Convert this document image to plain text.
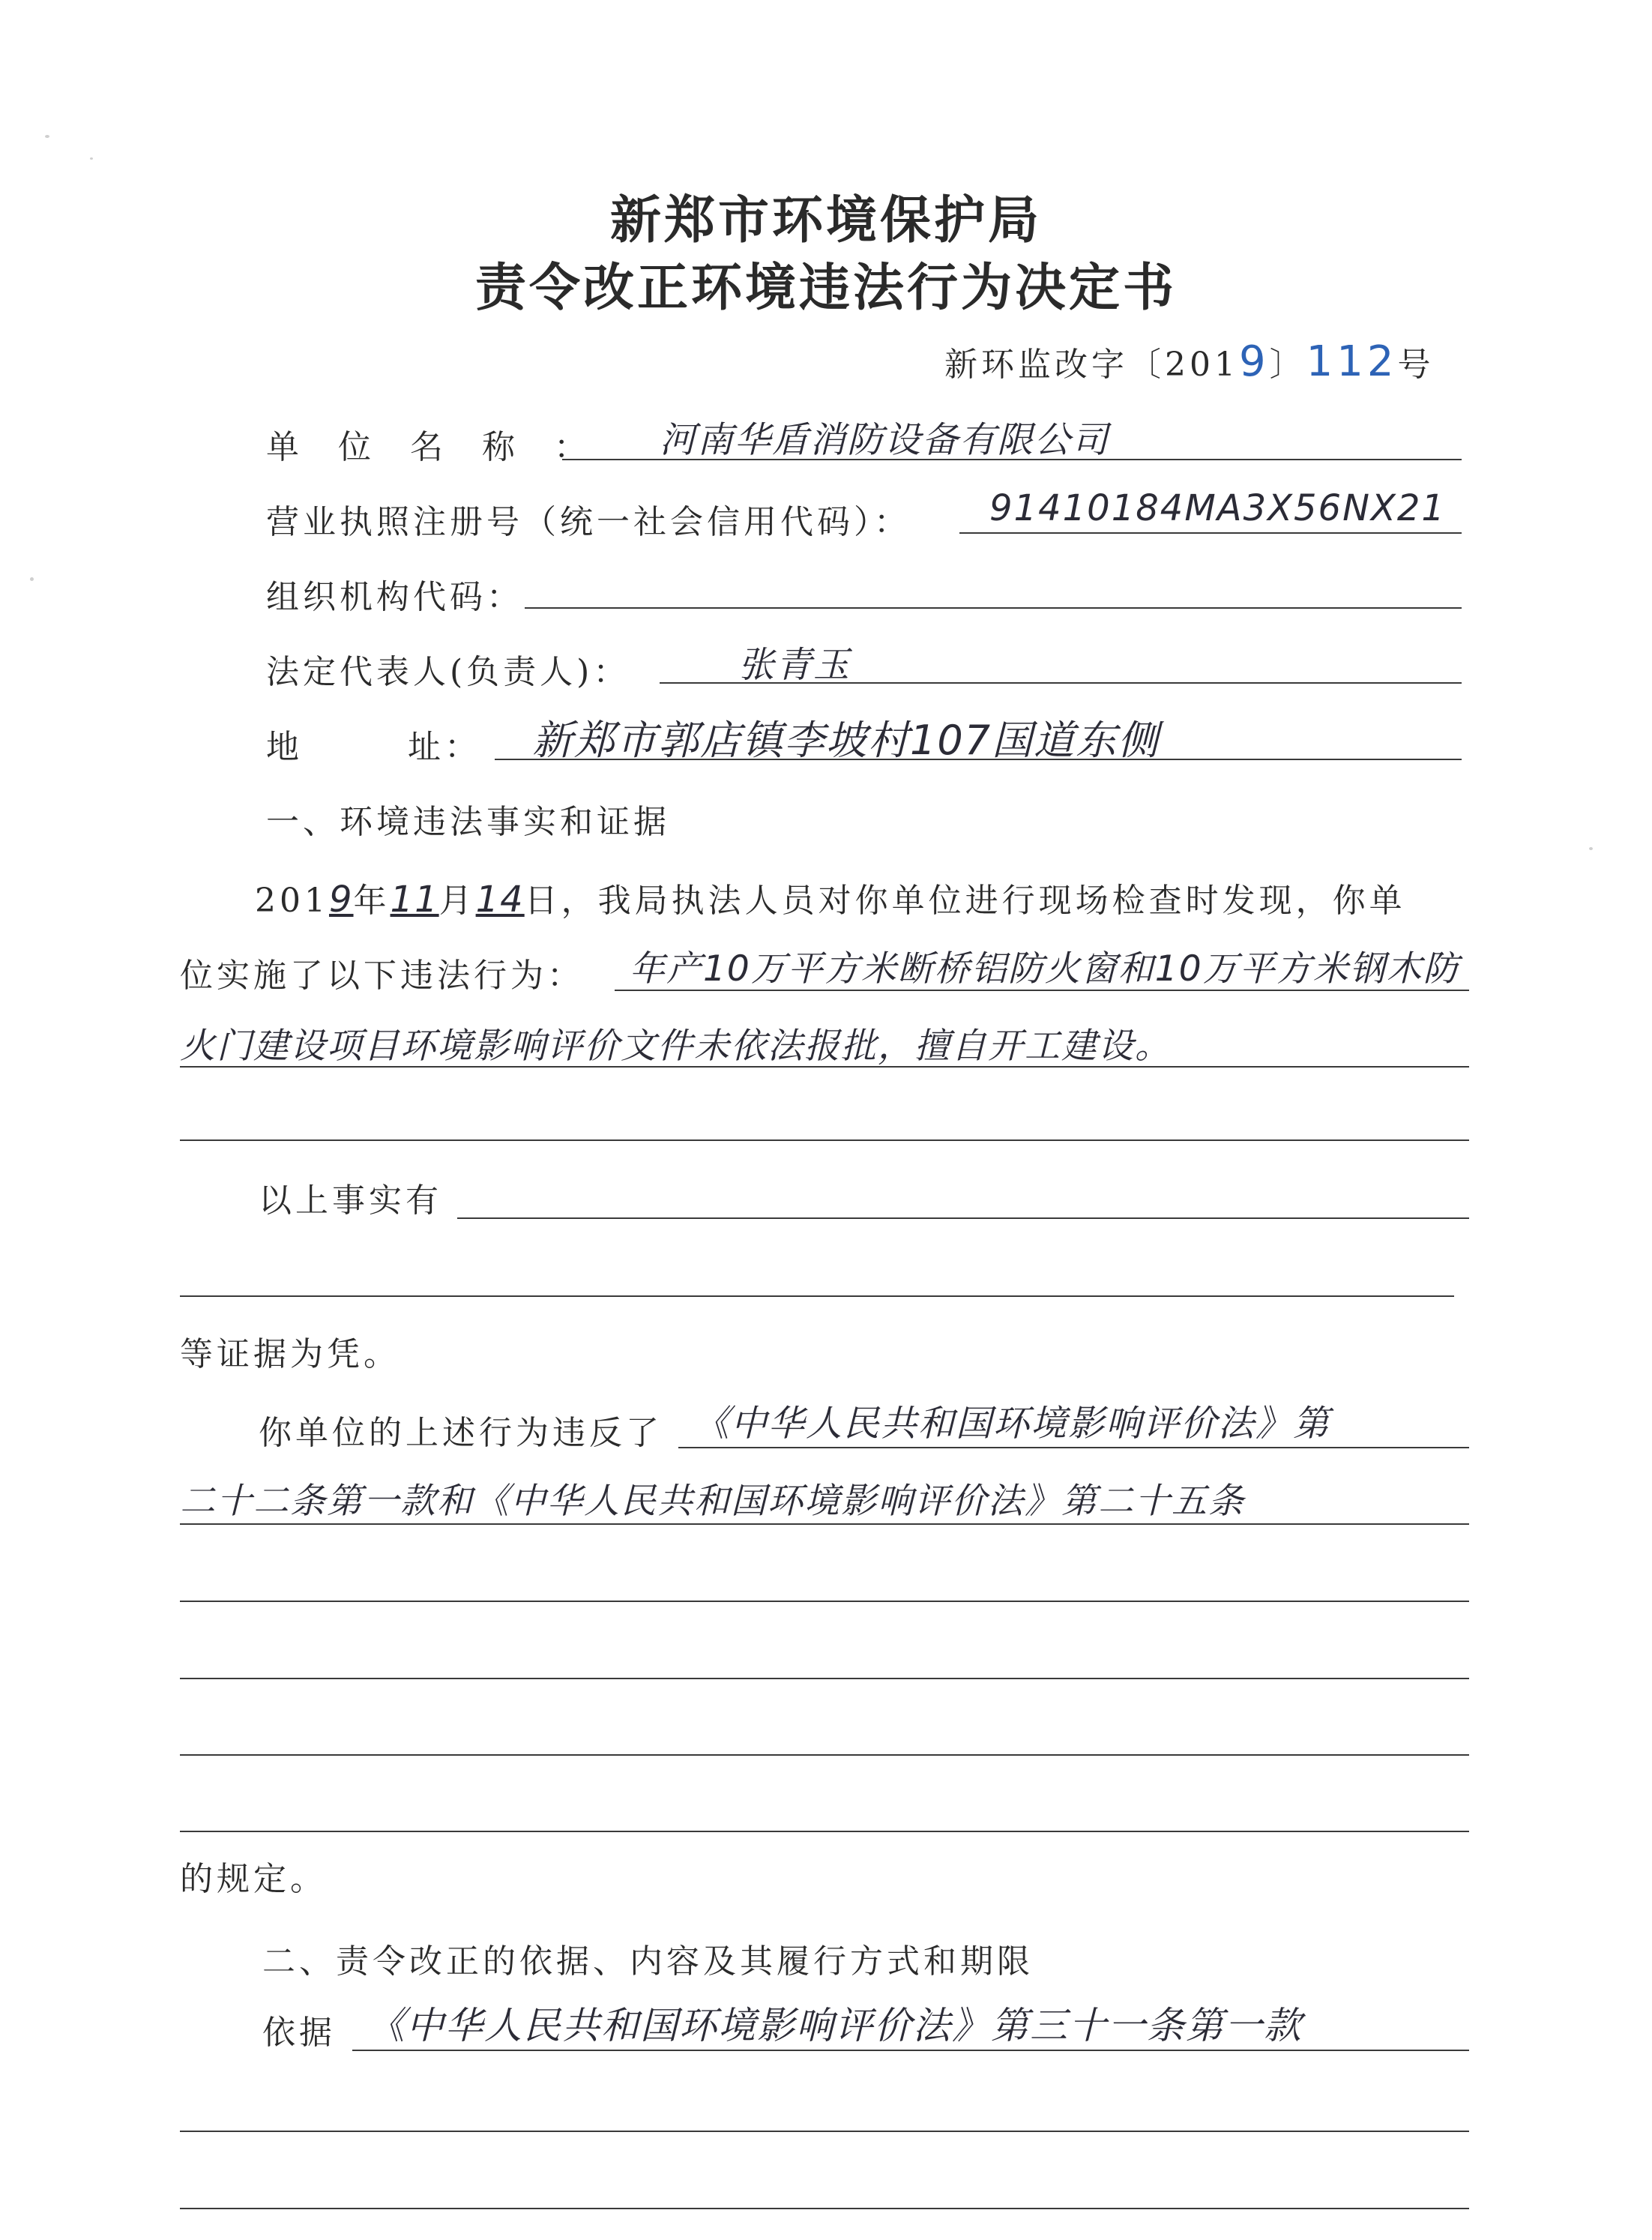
新郑市环境保护局
责令改正环境违法行为决定书
新环监改字〔2019〕112号
单位名称： 河南华盾消防设备有限公司
营业执照注册号（统一社会信用代码）： 91410184MA3X56NX21
组织机构代码：
法定代表人(负责人)：	张青玉
地	址： 新郑市郭店镇李坡村107国道东侧
一、环境违法事实和证据
2019年11月14日，我局执法人员对你单位进行现场检查时发现，你单
位实施了以下违法行为： 年产10万平方米断桥铝防火窗和10万平方米钢木防
火门建设项目环境影响评价文件未依法报批，擅自开工建设。
以上事实有
等证据为凭。
你单位的上述行为违反了 《中华人民共和国环境影响评价法》第
二十二条第一款和《中华人民共和国环境影响评价法》第二十五条
的规定。
二、责令改正的依据、内容及其履行方式和期限
依据 《中华人民共和国环境影响评价法》第三十一条第一款
